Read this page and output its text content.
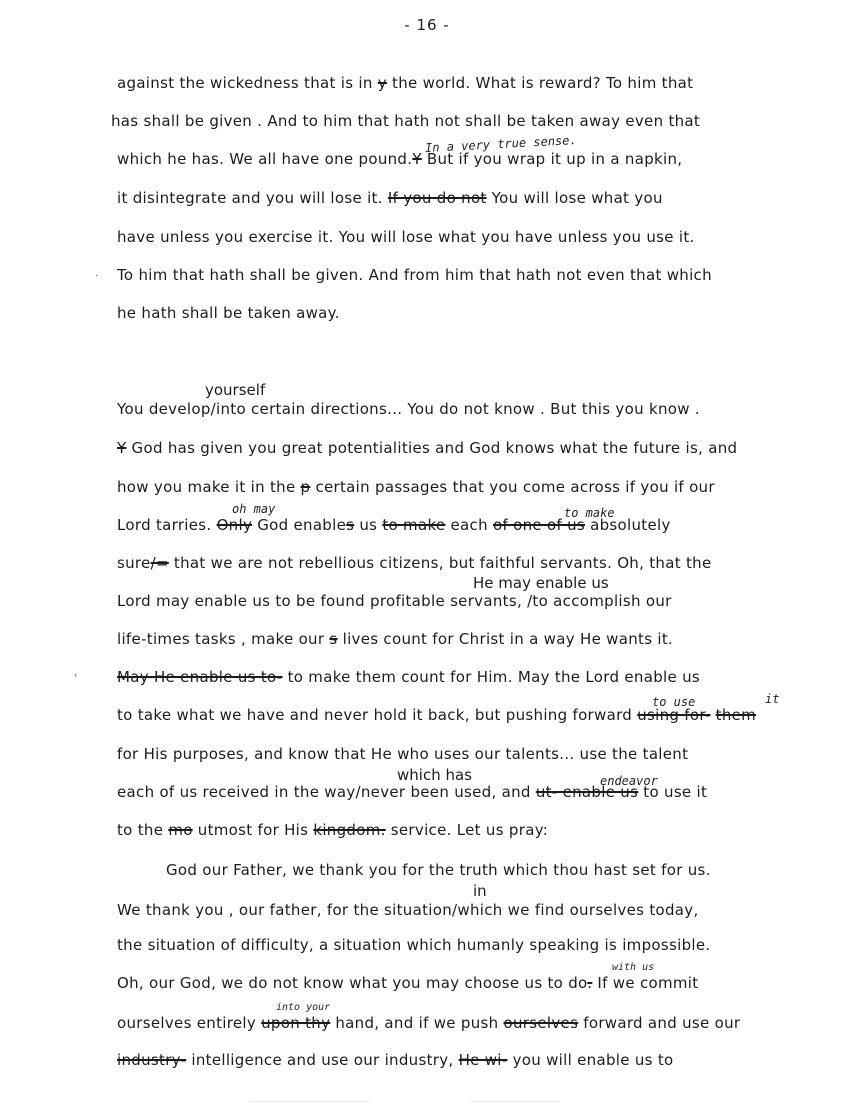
- 16 -
against the wickedness that is in y the world. What is reward? To him that
has shall be given . And to him that hath not shall be taken away even that
which he has. We all have one pound.Y But if you wrap it up in a napkin,
it disintegrate and you will lose it. If you do not You will lose what you
have unless you exercise it. You will lose what you have unless you use it.
To him that hath shall be given. And from him that hath not even that which
he hath shall be taken away.
You develop/into certain directions... You do not know . But this you know .
Y God has given you great potentialities and God knows what the future is, and
how you make it in the p certain passages that you come across if you if our
Lord tarries. Only God enables us to make each of one of us absolutely
sure/= that we are not rebellious citizens, but faithful servants. Oh, that the
Lord may enable us to be found profitable servants, /to accomplish our
life-times tasks , make our s lives count for Christ in a way He wants it.
May He enable us to- to make them count for Him. May the Lord enable us
to take what we have and never hold it back, but pushing forward using for- them
for His purposes, and know that He who uses our talents... use the talent
each of us received in the way/never been used, and ut- enable us to use it
to the mo utmost for His kingdom. service. Let us pray:
God our Father, we thank you for the truth which thou hast set for us.
We thank you , our father, for the situation/which we find ourselves today,
the situation of difficulty, a situation which humanly speaking is impossible.
Oh, our God, we do not know what you may choose us to do. If we commit
ourselves entirely upon thy hand, and if we push ourselves forward and use our
industry- intelligence and use our industry, He wi- you will enable us to
yourself
He may enable us
which has
in
In a very true sense.
oh may	to make
to use	it
endeavor
with us
into your
·
'
